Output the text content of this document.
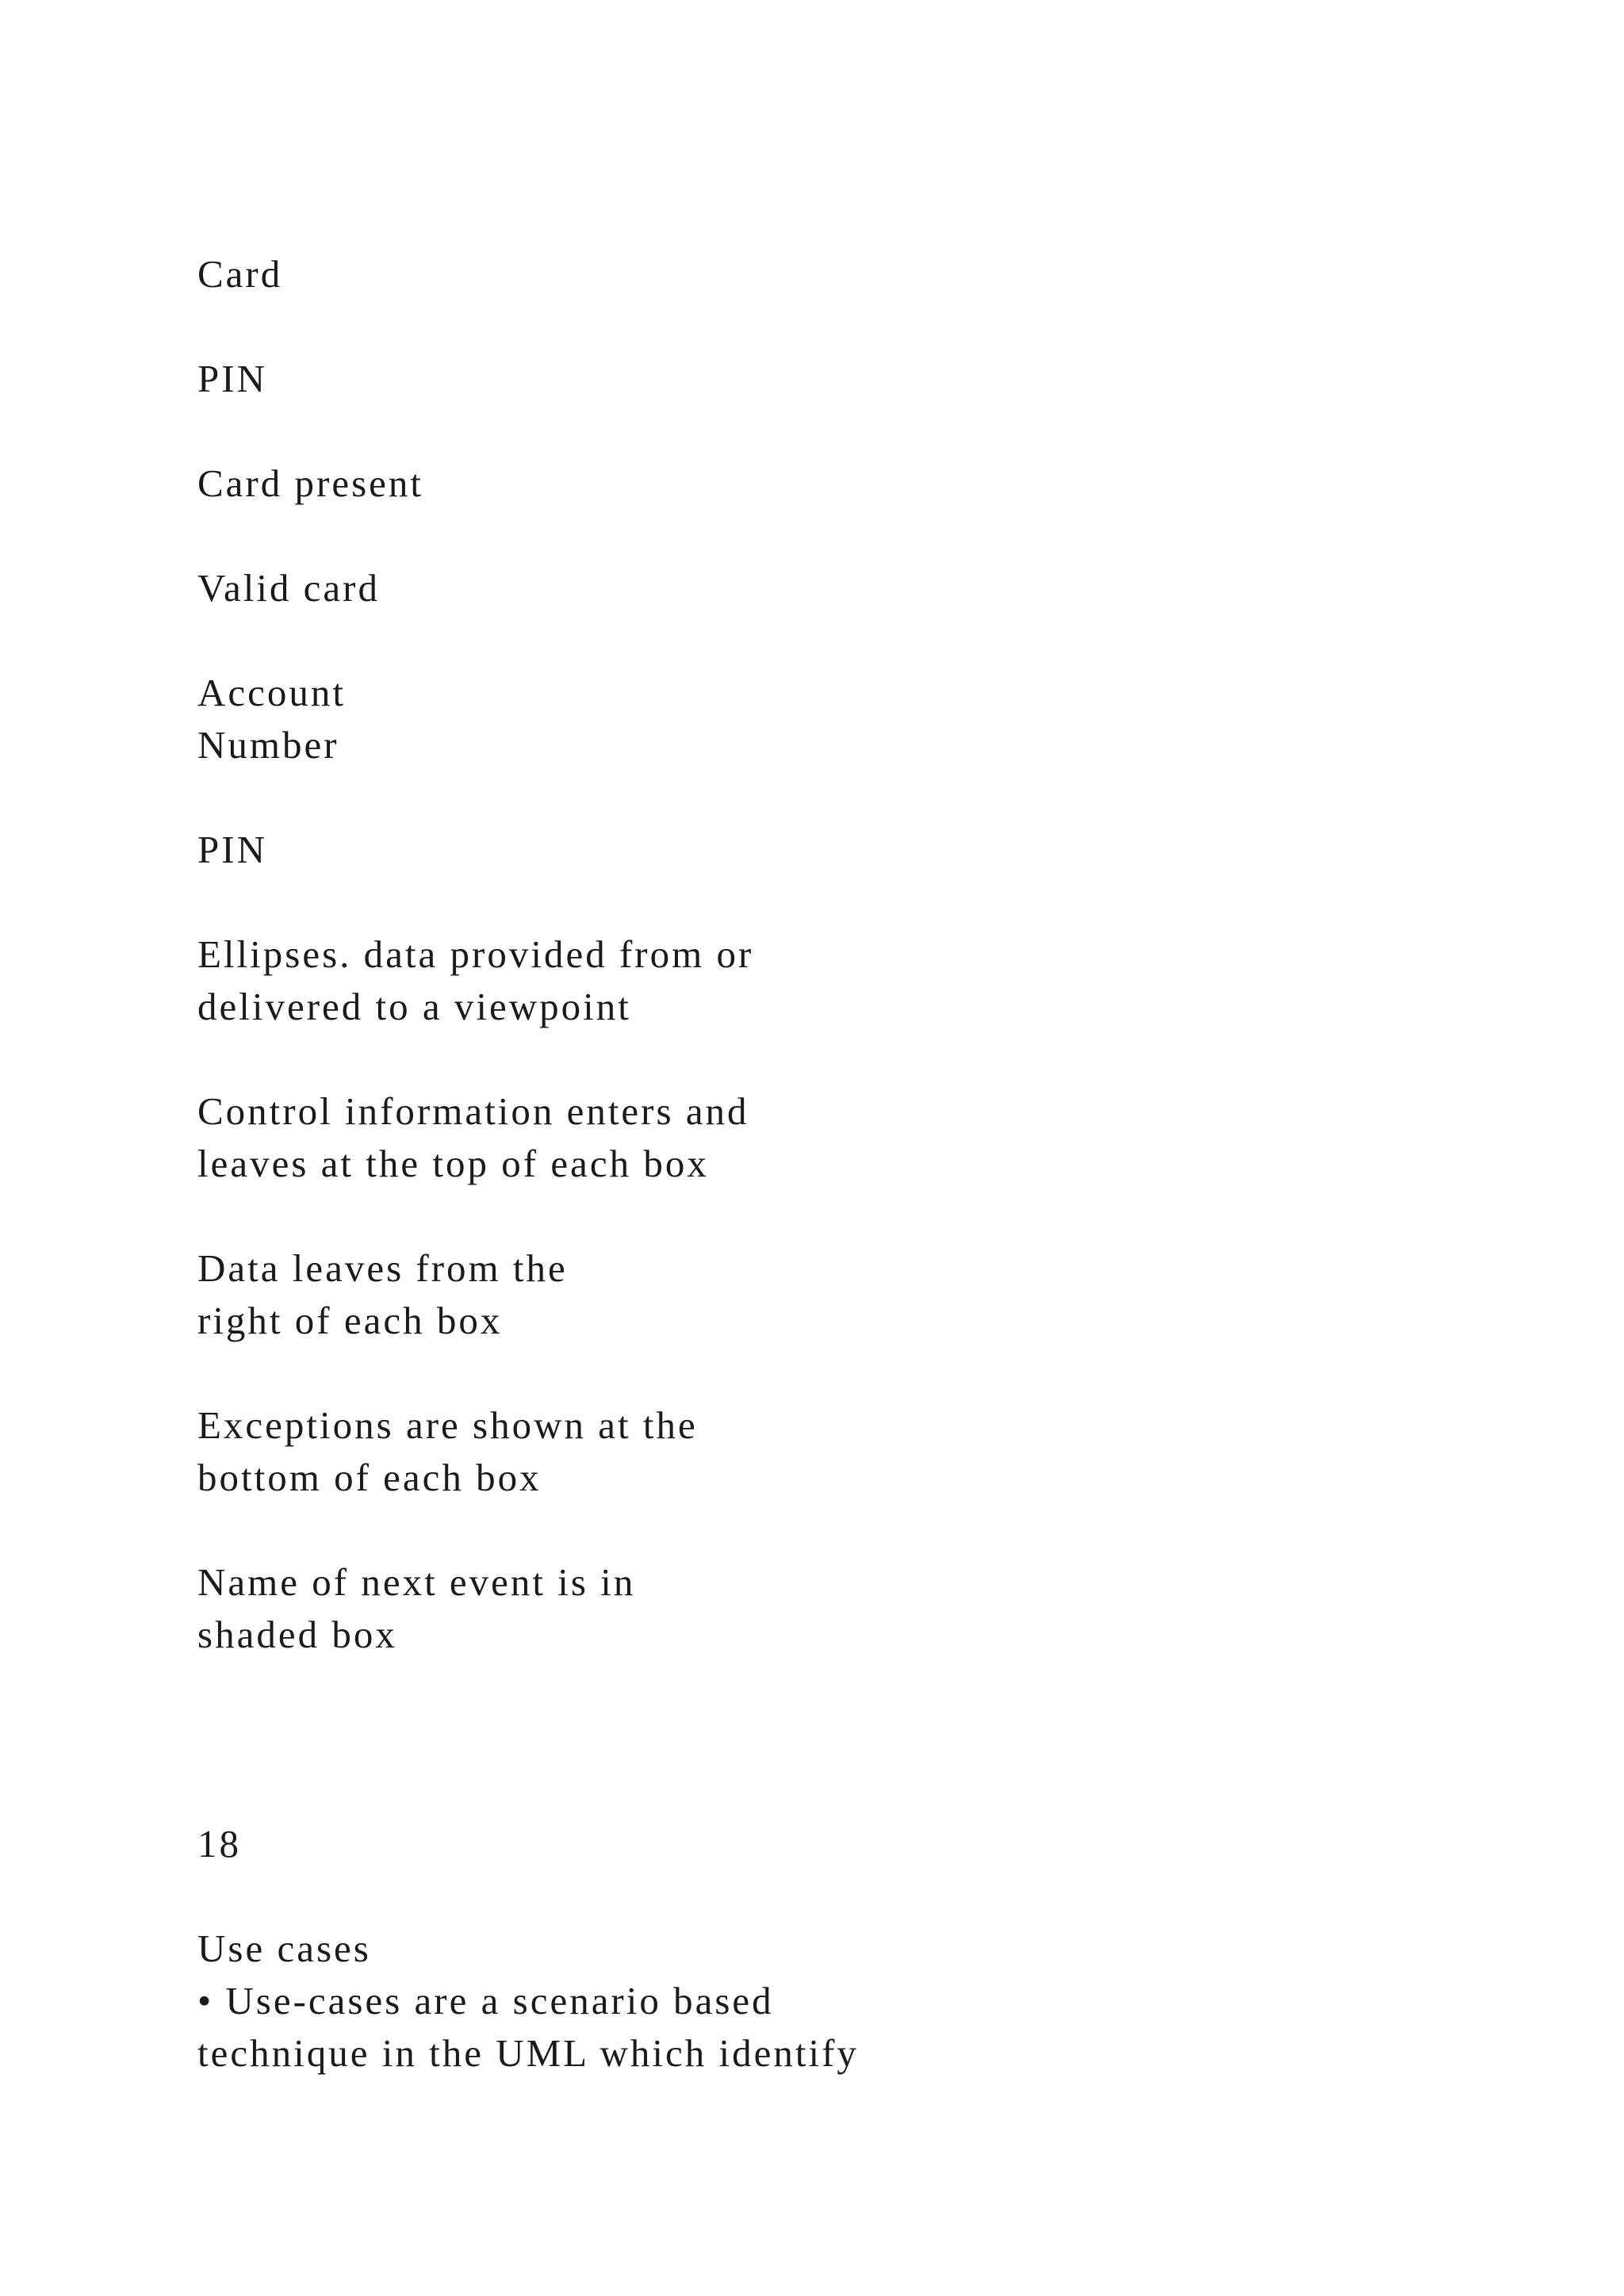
Card
PIN
Card present
Valid card
Account
Number
PIN
Ellipses. data provided from or
delivered to a viewpoint
Control information enters and
leaves at the top of each box
Data leaves from the
right of each box
Exceptions are shown at the
bottom of each box
Name of next event is in
shaded box
18
Use cases
• Use-cases are a scenario based
technique in the UML which identify
